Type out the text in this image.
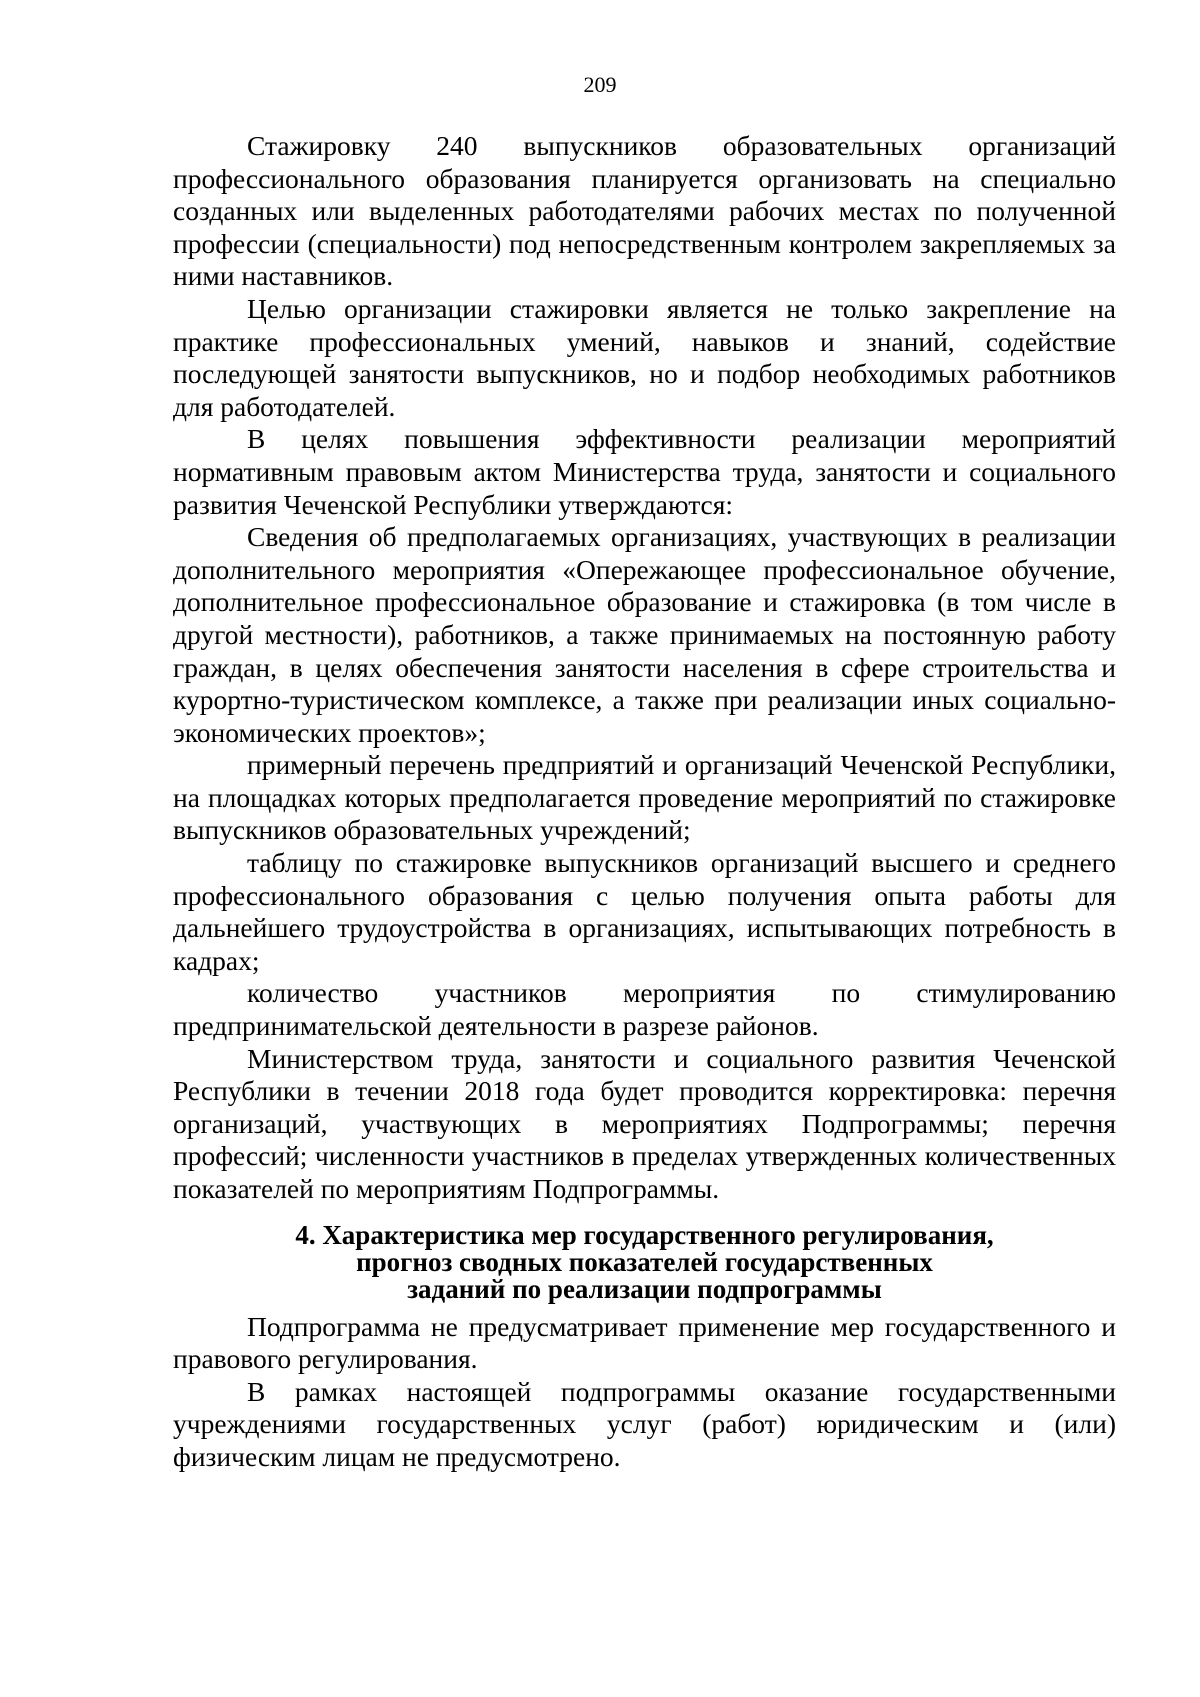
209

Стажировку 240 выпускников образовательных организаций профессионального образования планируется организовать на специально созданных или выделенных работодателями рабочих местах по полученной профессии (специальности) под непосредственным контролем закрепляемых за ними наставников.

Целью организации стажировки является не только закрепление на практике профессиональных умений, навыков и знаний, содействие последующей занятости выпускников, но и подбор необходимых работников для работодателей.

В целях повышения эффективности реализации мероприятий нормативным правовым актом Министерства труда, занятости и социального развития Чеченской Республики утверждаются:

Сведения об предполагаемых организациях, участвующих в реализации дополнительного мероприятия «Опережающее профессиональное обучение, дополнительное профессиональное образование и стажировка (в том числе в другой местности), работников, а также принимаемых на постоянную работу граждан, в целях обеспечения занятости населения в сфере строительства и курортно-туристическом комплексе, а также при реализации иных социально-экономических проектов»;

примерный перечень предприятий и организаций Чеченской Республики, на площадках которых предполагается проведение мероприятий по стажировке выпускников образовательных учреждений;

таблицу по стажировке выпускников организаций высшего и среднего профессионального образования с целью получения опыта работы для дальнейшего трудоустройства в организациях, испытывающих потребность в кадрах;

количество участников мероприятия по стимулированию предпринимательской деятельности в разрезе районов.

Министерством труда, занятости и социального развития Чеченской Республики в течении 2018 года будет проводится корректировка: перечня организаций, участвующих в мероприятиях Подпрограммы; перечня профессий; численности участников в пределах утвержденных количественных показателей по мероприятиям Подпрограммы.

4. Характеристика мер государственного регулирования,
прогноз сводных показателей государственных
заданий по реализации подпрограммы

Подпрограмма не предусматривает применение мер государственного и правового регулирования.

В рамках настоящей подпрограммы оказание государственными учреждениями государственных услуг (работ) юридическим и (или) физическим лицам не предусмотрено.
